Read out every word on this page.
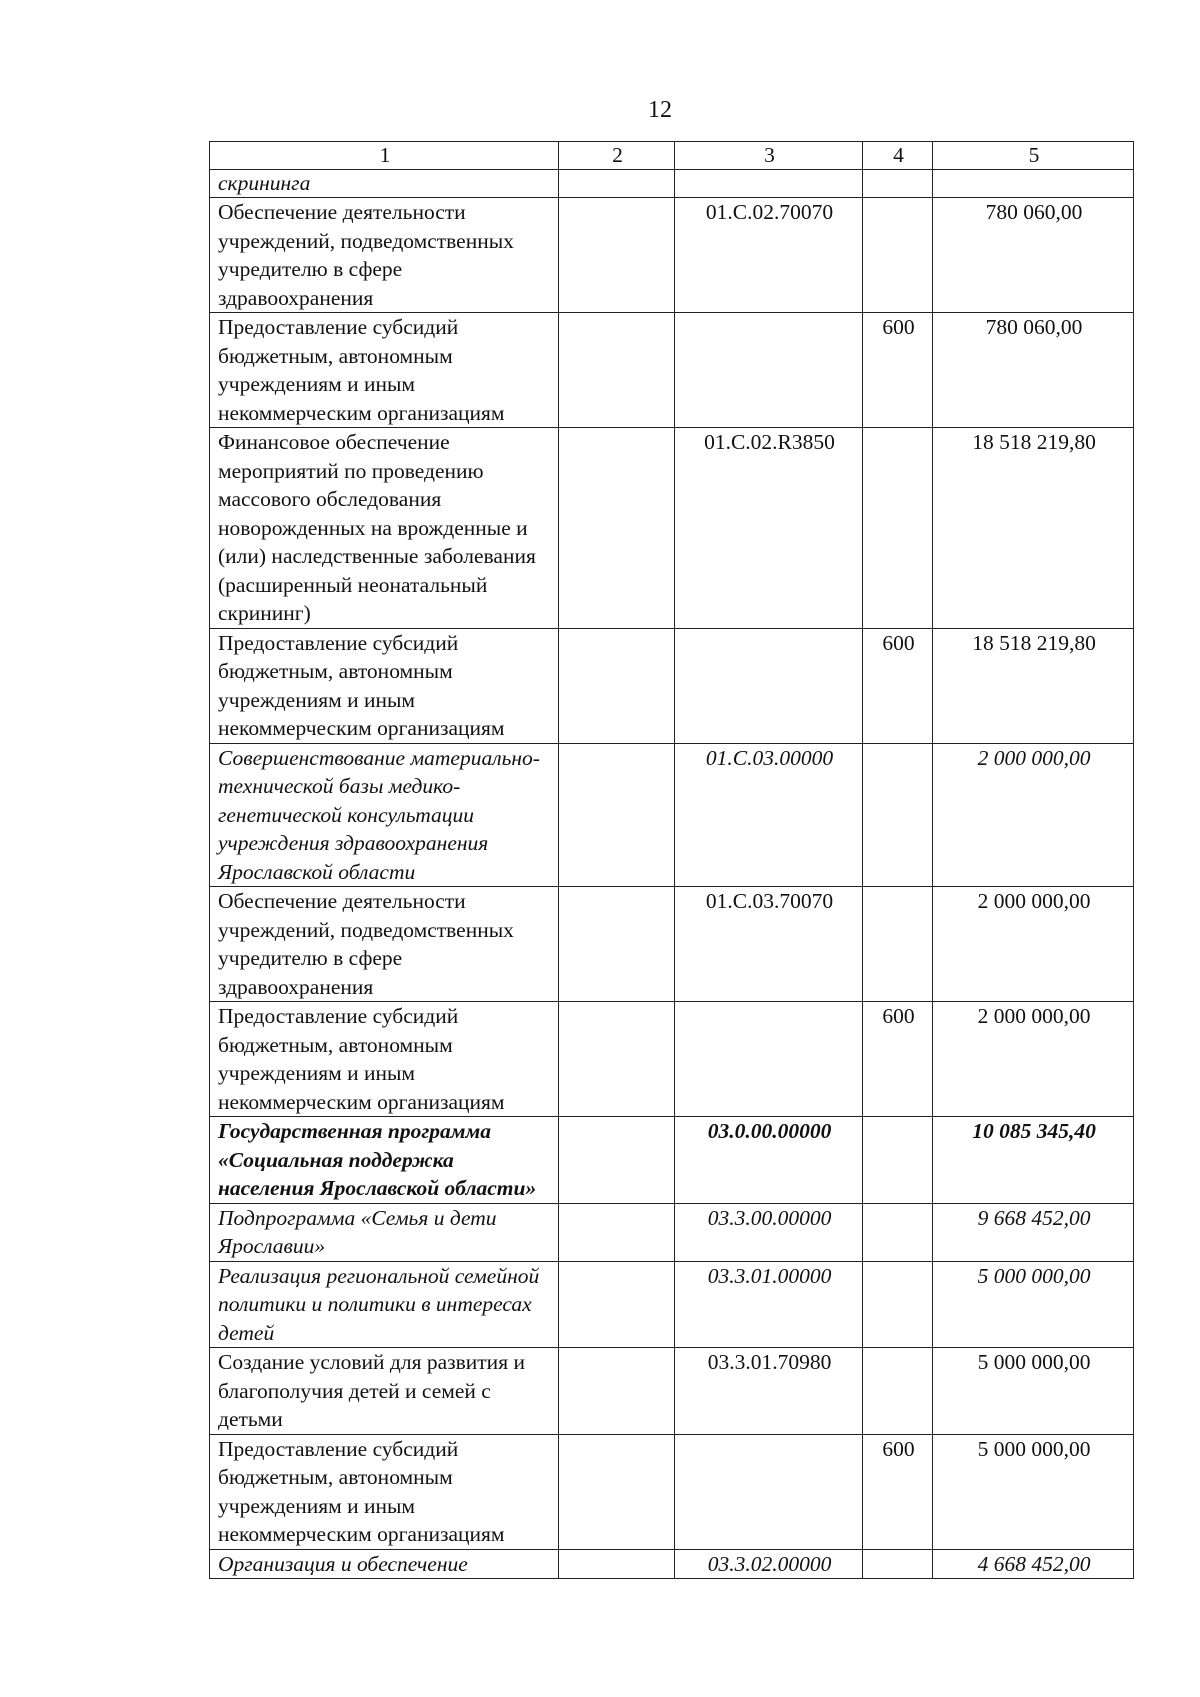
12
1	2	3	4	5
скрининга				
Обеспечение деятельности учреждений, подведомственных учредителю в сфере здравоохранения		01.С.02.70070		780 060,00
Предоставление субсидий бюджетным, автономным учреждениям и иным некоммерческим организациям			600	780 060,00
Финансовое обеспечение мероприятий по проведению массового обследования новорожденных на врожденные и (или) наследственные заболевания (расширенный неонатальный скрининг)		01.С.02.R3850		18 518 219,80
Предоставление субсидий бюджетным, автономным учреждениям и иным некоммерческим организациям			600	18 518 219,80
Совершенствование материально-технической базы медико-генетической консультации учреждения здравоохранения Ярославской области		01.С.03.00000		2 000 000,00
Обеспечение деятельности учреждений, подведомственных учредителю в сфере здравоохранения		01.С.03.70070		2 000 000,00
Предоставление субсидий бюджетным, автономным учреждениям и иным некоммерческим организациям			600	2 000 000,00
Государственная программа «Социальная поддержка населения Ярославской области»		03.0.00.00000		10 085 345,40
Подпрограмма «Семья и дети Ярославии»		03.3.00.00000		9 668 452,00
Реализация региональной семейной политики и политики в интересах детей		03.3.01.00000		5 000 000,00
Создание условий для развития и благополучия детей и семей с детьми		03.3.01.70980		5 000 000,00
Предоставление субсидий бюджетным, автономным учреждениям и иным некоммерческим организациям			600	5 000 000,00
Организация и обеспечение		03.3.02.00000		4 668 452,00
